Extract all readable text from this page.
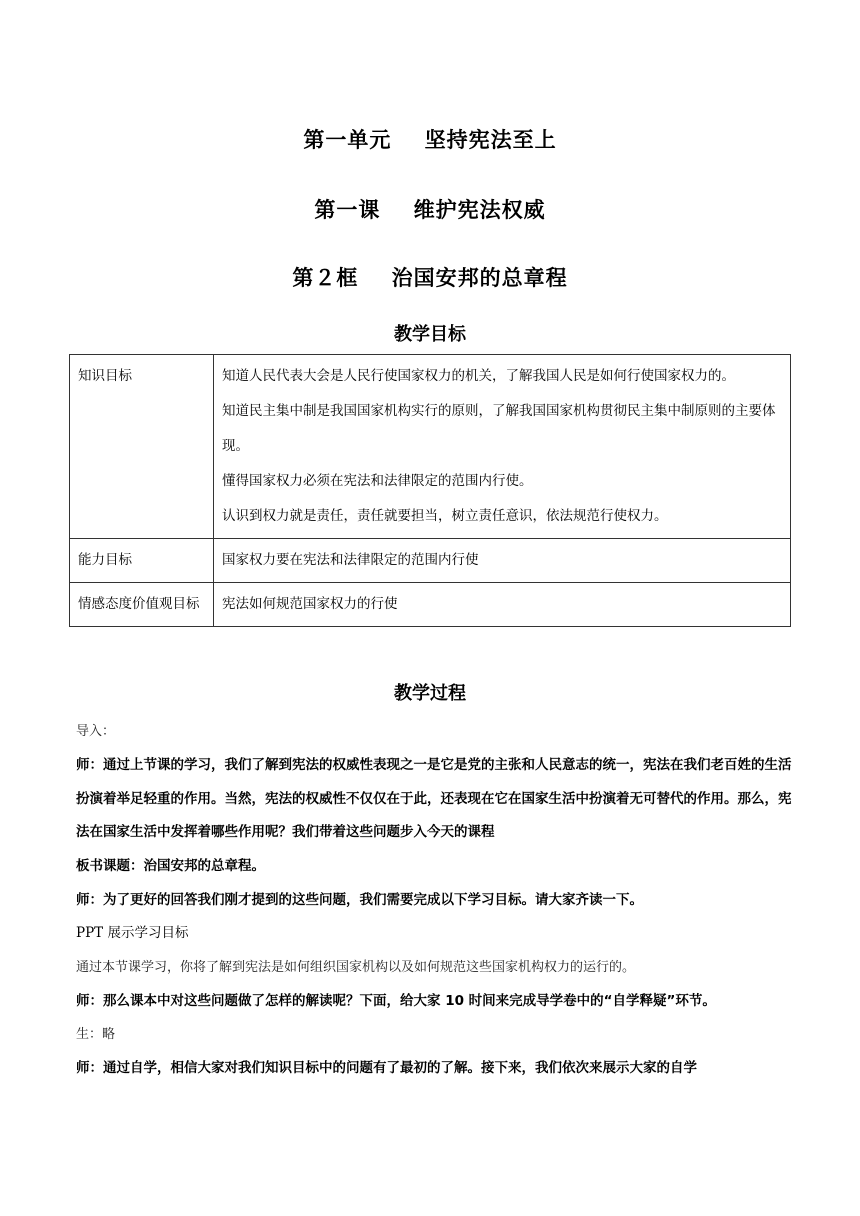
第一单元    坚持宪法至上
第一课    维护宪法权威
第２框    治国安邦的总章程
教学目标
知识目标	知道人民代表大会是人民行使国家权力的机关，了解我国人民是如何行使国家权力的。
知道民主集中制是我国国家机构实行的原则，了解我国国家机构贯彻民主集中制原则的主要体现。
懂得国家权力必须在宪法和法律限定的范围内行使。
认识到权力就是责任，责任就要担当，树立责任意识，依法规范行使权力。

能力目标	国家权力要在宪法和法律限定的范围内行使

情感态度价值观目标	宪法如何规范国家权力的行使
教学过程

导入：

师：通过上节课的学习，我们了解到宪法的权威性表现之一是它是党的主张和人民意志的统一，宪法在我们老百姓的生活扮演着举足轻重的作用。当然，宪法的权威性不仅仅在于此，还表现在它在国家生活中扮演着无可替代的作用。那么，宪法在国家生活中发挥着哪些作用呢？我们带着这些问题步入今天的课程

板书课题：治国安邦的总章程。

师：为了更好的回答我们刚才提到的这些问题，我们需要完成以下学习目标。请大家齐读一下。

PPT 展示学习目标

通过本节课学习，你将了解到宪法是如何组织国家机构以及如何规范这些国家机构权力的运行的。

师：那么课本中对这些问题做了怎样的解读呢？下面，给大家 10 时间来完成导学卷中的“自学释疑”环节。

生：略

师：通过自学，相信大家对我们知识目标中的问题有了最初的了解。接下来，我们依次来展示大家的自学
